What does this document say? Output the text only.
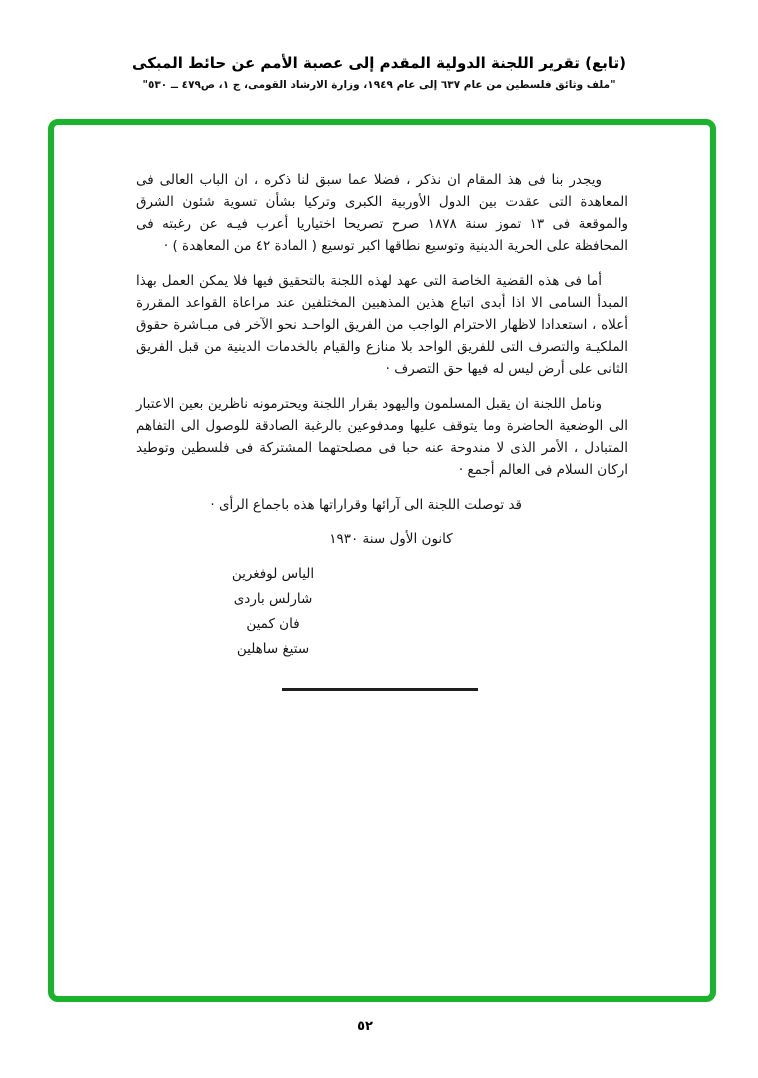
(تابع) تقرير اللجنة الدولية المقدم إلى عصبة الأمم عن حائط المبكى
"ملف وثائق فلسطين من عام ٦٣٧ إلى عام ١٩٤٩، وزارة الارشاد القومى، ج ١، ص٤٧٩ ــ ٥٣٠"

ويجدر بنا فى هذ المقام ان نذكر ، فضلا عما سبق لنا ذكره ، ان الباب العالى فى المعاهدة التى عقدت بين الدول الأوربية الكبرى وتركيا بشأن تسوية شئون الشرق والموقعة فى ١٣ تموز سنة ١٨٧٨ صرح تصريحا اختياريا أعرب فيـه عن رغبته فى المحافظة على الحرية الدينية وتوسيع نطاقها اكبر توسيع ( المادة ٤٢ من المعاهدة ) ·

أما فى هذه القضية الخاصة التى عهد لهذه اللجنة بالتحقيق فيها فلا يمكن العمل بهذا المبدأ السامى الا اذا أبدى اتباع هذين المذهبين المختلفين عند مراعاة القواعد المقررة أعلاه ، استعدادا لاظهار الاحترام الواجب من الفريق الواحـد نحو الآخر فى مبـاشرة حقوق الملكيـة والتصرف التى للفريق الواحد بلا منازع والقيام بالخدمات الدينية من قبل الفريق الثانى على أرض ليس له فيها حق التصرف ·

ونامل اللجنة ان يقبل المسلمون واليهود بقرار اللجنة ويحترمونه ناظرين بعين الاعتبار الى الوضعية الحاضرة وما يتوقف عليها ومدفوعين بالرغبة الصادقة للوصول الى التفاهم المتبادل ، الأمر الذى لا مندوحة عنه حبا فى مصلحتهما المشتركة فى فلسطين وتوطيد اركان السلام فى العالم أجمع ·

قد توصلت اللجنة الى آرائها وقراراتها هذه باجماع الرأى ·

كانون الأول سنة ١٩٣٠

الياس لوفغرين
شارلس باردى
فان كمين
ستيغ ساهلين
٥٢
